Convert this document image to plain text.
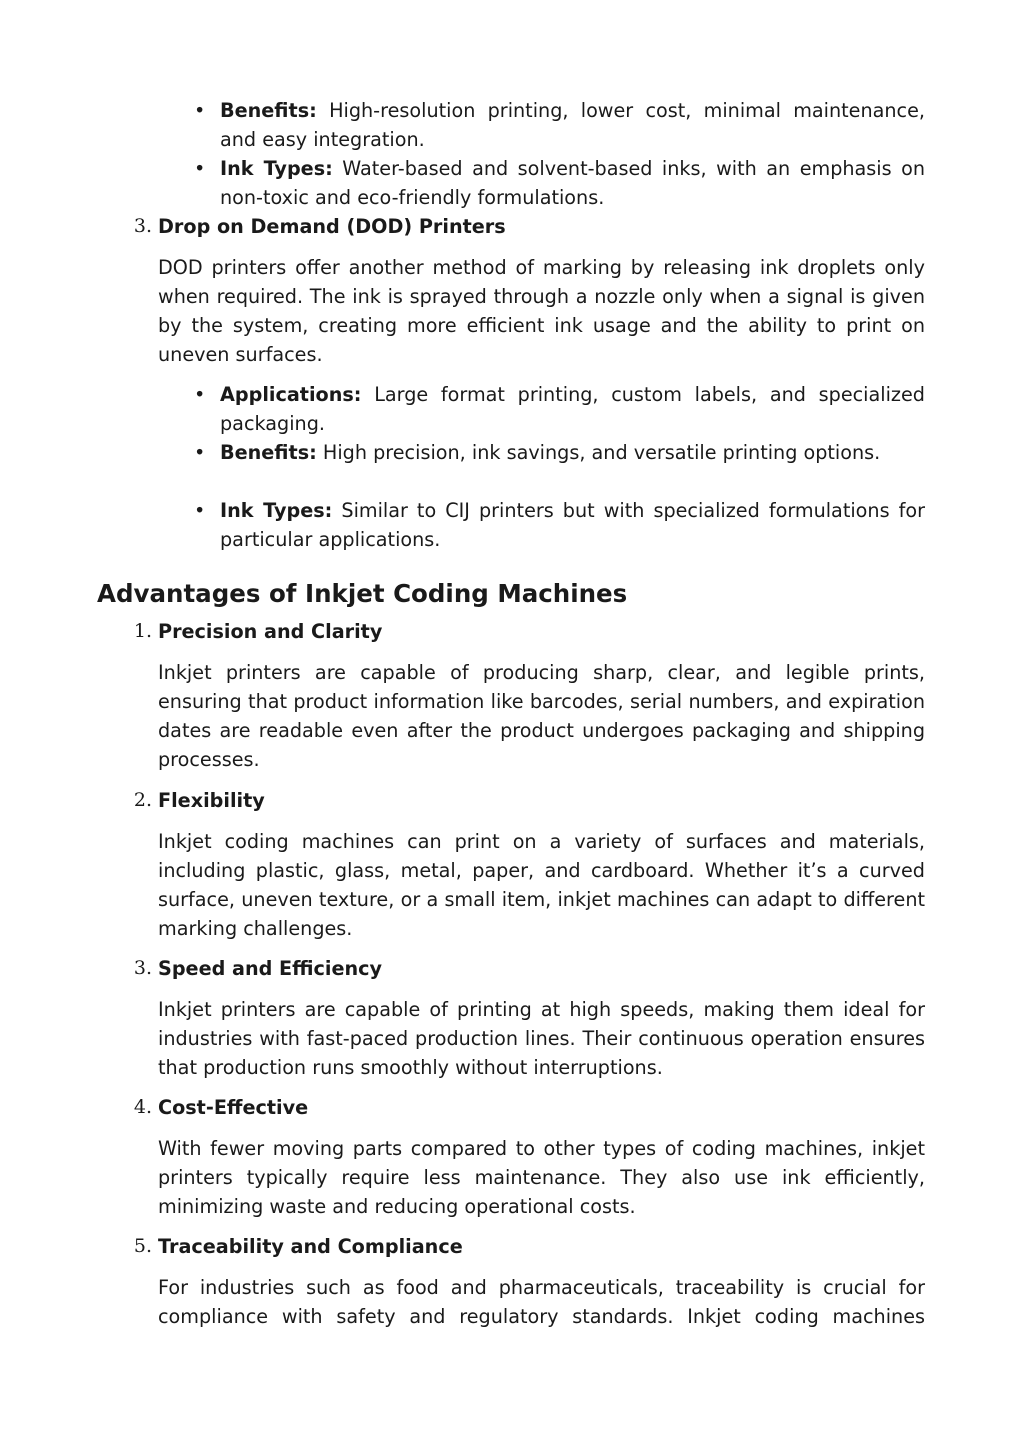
• Benefits: High-resolution printing, lower cost, minimal maintenance, and easy integration.

• Ink Types: Water-based and solvent-based inks, with an emphasis on non-toxic and eco-friendly formulations.

3. Drop on Demand (DOD) Printers

DOD printers offer another method of marking by releasing ink droplets only when required. The ink is sprayed through a nozzle only when a signal is given by the system, creating more efficient ink usage and the ability to print on uneven surfaces.

• Applications: Large format printing, custom labels, and specialized packaging.

• Benefits: High precision, ink savings, and versatile printing options.

• Ink Types: Similar to CIJ printers but with specialized formulations for particular applications.

Advantages of Inkjet Coding Machines
1. Precision and Clarity

Inkjet printers are capable of producing sharp, clear, and legible prints, ensuring that product information like barcodes, serial numbers, and expiration dates are readable even after the product undergoes packaging and shipping processes.

2. Flexibility

Inkjet coding machines can print on a variety of surfaces and materials, including plastic, glass, metal, paper, and cardboard. Whether it’s a curved surface, uneven texture, or a small item, inkjet machines can adapt to different marking challenges.

3. Speed and Efficiency

Inkjet printers are capable of printing at high speeds, making them ideal for industries with fast-paced production lines. Their continuous operation ensures that production runs smoothly without interruptions.

4. Cost-Effective

With fewer moving parts compared to other types of coding machines, inkjet printers typically require less maintenance. They also use ink efficiently, minimizing waste and reducing operational costs.

5. Traceability and Compliance

For industries such as food and pharmaceuticals, traceability is crucial for compliance with safety and regulatory standards. Inkjet coding machines
